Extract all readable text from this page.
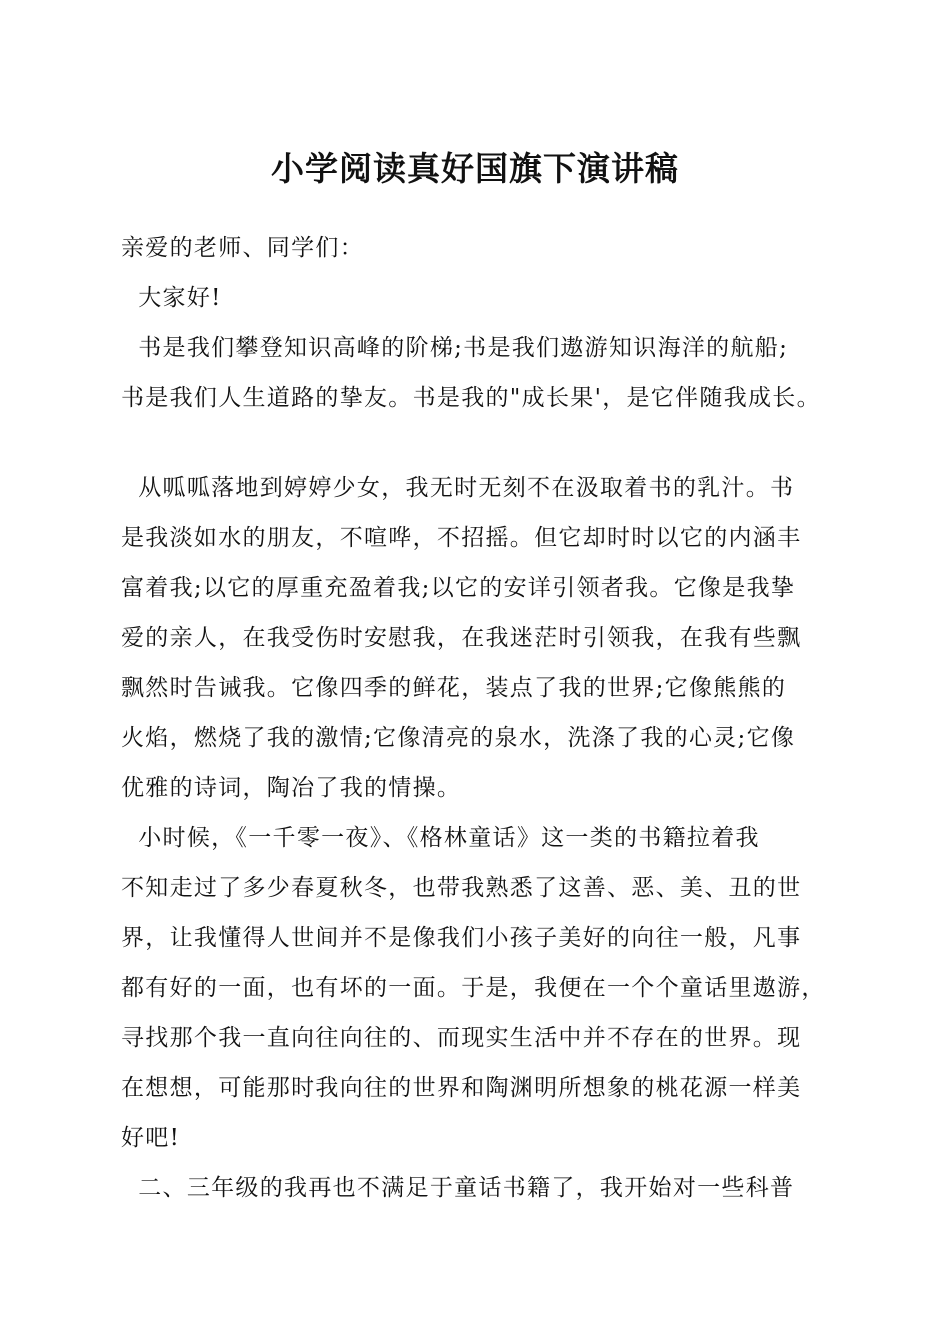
小学阅读真好国旗下演讲稿
亲爱的老师、同学们：
大家好!
书是我们攀登知识高峰的阶梯;书是我们遨游知识海洋的航船;
书是我们人生道路的挚友。书是我的"成长果'，是它伴随我成长。
从呱呱落地到婷婷少女，我无时无刻不在汲取着书的乳汁。书
是我淡如水的朋友，不喧哗，不招摇。但它却时时以它的内涵丰
富着我;以它的厚重充盈着我;以它的安详引领者我。它像是我挚
爱的亲人，在我受伤时安慰我，在我迷茫时引领我，在我有些飘
飘然时告诫我。它像四季的鲜花，装点了我的世界;它像熊熊的
火焰，燃烧了我的激情;它像清亮的泉水，洗涤了我的心灵;它像
优雅的诗词，陶冶了我的情操。
小时候，《一千零一夜》、《格林童话》这一类的书籍拉着我
不知走过了多少春夏秋冬，也带我熟悉了这善、恶、美、丑的世
界，让我懂得人世间并不是像我们小孩子美好的向往一般，凡事
都有好的一面，也有坏的一面。于是，我便在一个个童话里遨游，
寻找那个我一直向往向往的、而现实生活中并不存在的世界。现
在想想，可能那时我向往的世界和陶渊明所想象的桃花源一样美
好吧!
二、三年级的我再也不满足于童话书籍了，我开始对一些科普
